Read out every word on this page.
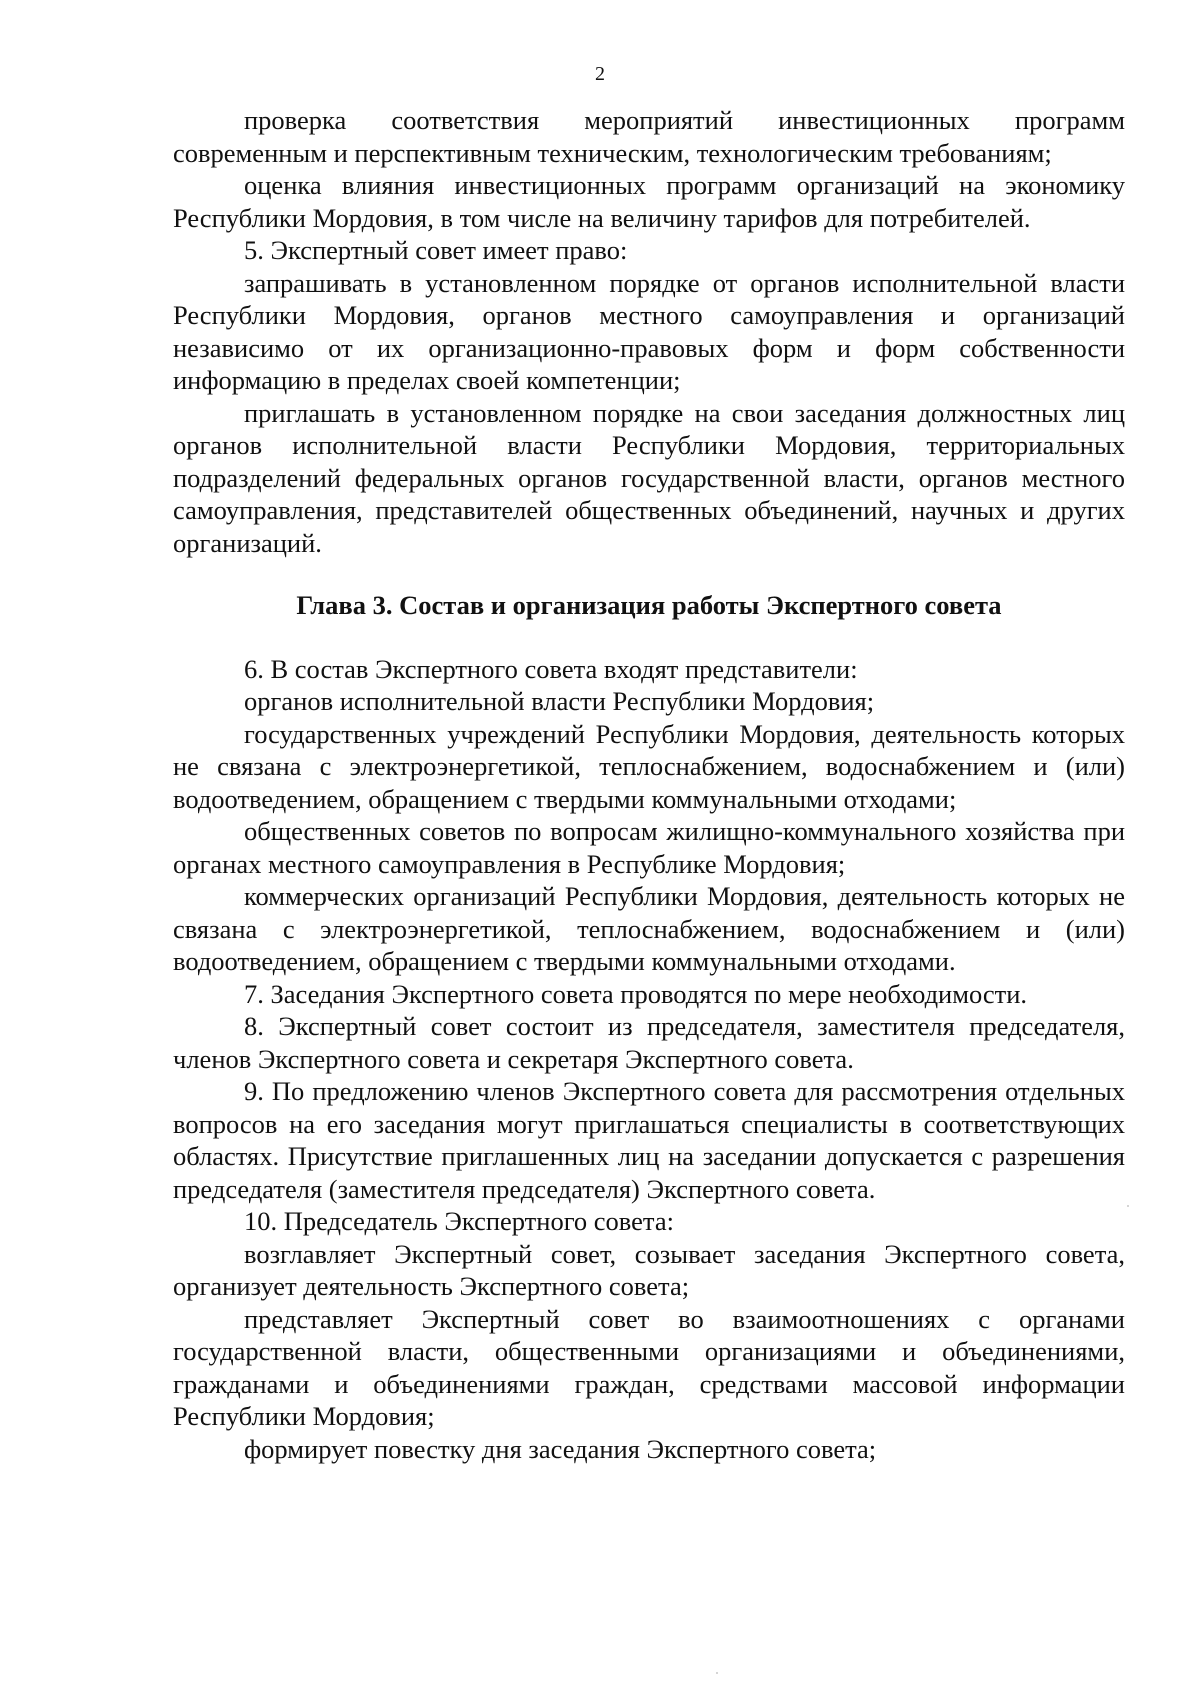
2

проверка соответствия мероприятий инвестиционных программ современным и перспективным техническим, технологическим требованиям;

оценка влияния инвестиционных программ организаций на экономику Республики Мордовия, в том числе на величину тарифов для потребителей.

5. Экспертный совет имеет право:

запрашивать в установленном порядке от органов исполнительной власти Республики Мордовия, органов местного самоуправления и организаций независимо от их организационно-правовых форм и форм собственности информацию в пределах своей компетенции;

приглашать в установленном порядке на свои заседания должностных лиц органов исполнительной власти Республики Мордовия, территориальных подразделений федеральных органов государственной власти, органов местного самоуправления, представителей общественных объединений, научных и других организаций.

Глава 3. Состав и организация работы Экспертного совета

6. В состав Экспертного совета входят представители:

органов исполнительной власти Республики Мордовия;

государственных учреждений Республики Мордовия, деятельность которых не связана с электроэнергетикой, теплоснабжением, водоснабжением и (или) водоотведением, обращением с твердыми коммунальными отходами;

общественных советов по вопросам жилищно-коммунального хозяйства при органах местного самоуправления в Республике Мордовия;

коммерческих организаций Республики Мордовия, деятельность которых не связана с электроэнергетикой, теплоснабжением, водоснабжением и (или) водоотведением, обращением с твердыми коммунальными отходами.

7. Заседания Экспертного совета проводятся по мере необходимости.

8. Экспертный совет состоит из председателя, заместителя председателя, членов Экспертного совета и секретаря Экспертного совета.

9. По предложению членов Экспертного совета для рассмотрения отдельных вопросов на его заседания могут приглашаться специалисты в соответствующих областях. Присутствие приглашенных лиц на заседании допускается с разрешения председателя (заместителя председателя) Экспертного совета.

10. Председатель Экспертного совета:

возглавляет Экспертный совет, созывает заседания Экспертного совета, организует деятельность Экспертного совета;

представляет Экспертный совет во взаимоотношениях с органами государственной власти, общественными организациями и объединениями, гражданами и объединениями граждан, средствами массовой информации Республики Мордовия;

формирует повестку дня заседания Экспертного совета;
